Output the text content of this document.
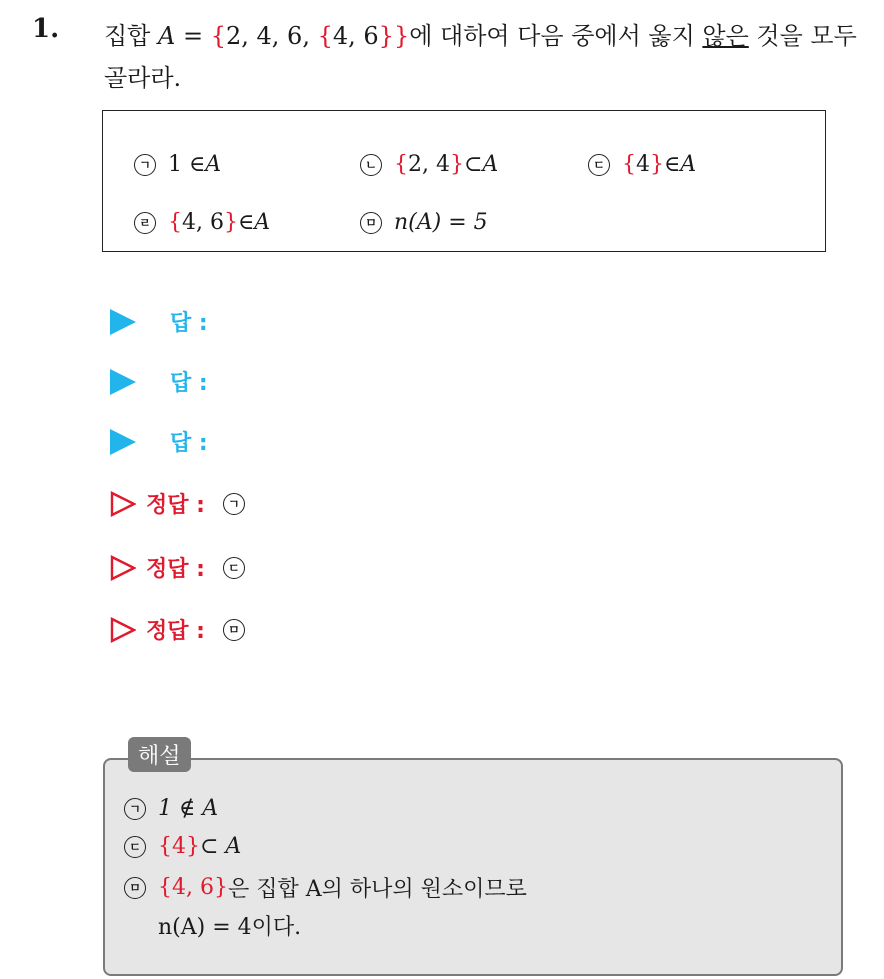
1. 집합 A = {2, 4, 6, {4, 6}}에 대하여 다음 중에서 옳지 않은 것을 모두
골라라.
ㄱ 1 ∈ A	ㄴ { 2, 4 } ⊂ A	ㄷ { 4 } ∈ A
ㄹ { 4, 6 } ∈ A	ㅁ n(A) = 5
답 :
답 :
답 :
정답 :	ㄱ
정답 :	ㄷ
정답 :	ㅁ
해설
ㄱ 1 ∉ A
ㄷ {4} ⊂ A
ㅁ {4, 6} 은 집합 A의 하나의 원소이므로
n(A) = 4이다.
